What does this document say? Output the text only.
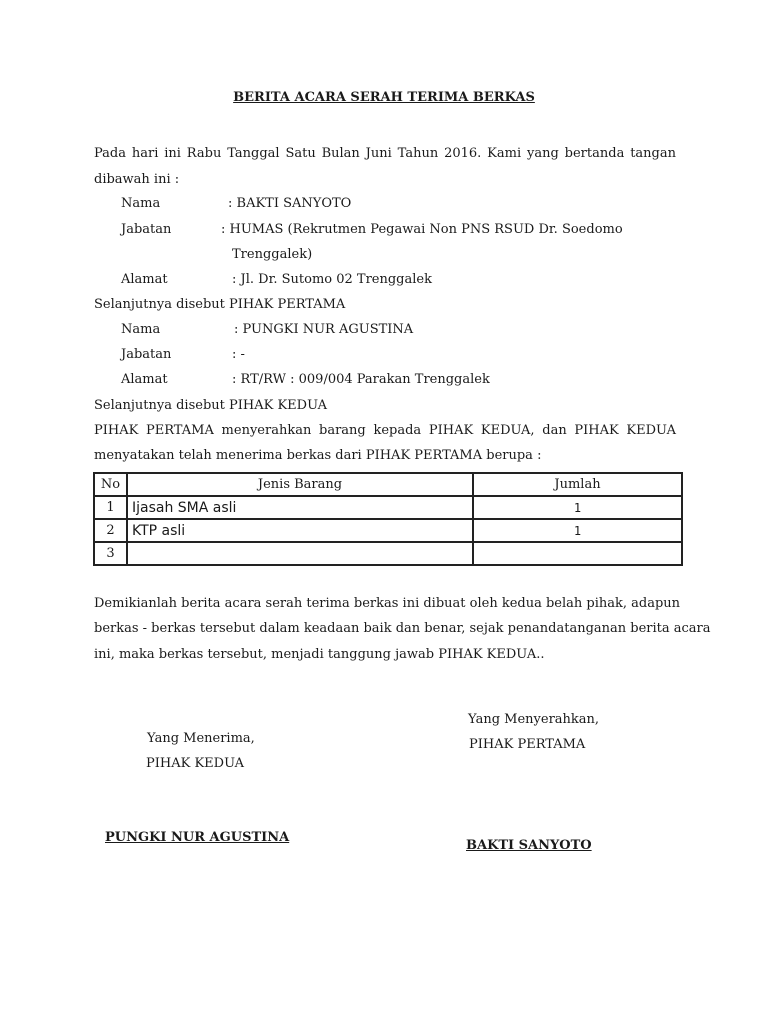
BERITA ACARA SERAH TERIMA BERKAS
Pada hari ini Rabu Tanggal Satu Bulan Juni Tahun 2016. Kami yang bertanda tangan
dibawah ini :
Nama	: BAKTI SANYOTO
Jabatan	: HUMAS (Rekrutmen Pegawai Non PNS RSUD Dr. Soedomo
Trenggalek)
Alamat	: Jl. Dr. Sutomo 02 Trenggalek
Selanjutnya disebut PIHAK PERTAMA
Nama	: PUNGKI NUR AGUSTINA
Jabatan	: -
Alamat	: RT/RW : 009/004 Parakan Trenggalek
Selanjutnya disebut PIHAK KEDUA
PIHAK PERTAMA menyerahkan barang kepada PIHAK KEDUA, dan PIHAK KEDUA
menyatakan telah menerima berkas dari PIHAK PERTAMA berupa :
No	Jenis Barang	Jumlah
1	Ijasah SMA asli	1
2	KTP asli	1
3		
Demikianlah berita acara serah terima berkas ini dibuat oleh kedua belah pihak, adapun
berkas - berkas tersebut dalam keadaan baik dan benar, sejak penandatanganan berita acara
ini, maka berkas tersebut, menjadi tanggung jawab PIHAK KEDUA..
Yang Menerima,
PIHAK KEDUA
PUNGKI NUR AGUSTINA
Yang Menyerahkan,
PIHAK PERTAMA
BAKTI SANYOTO
